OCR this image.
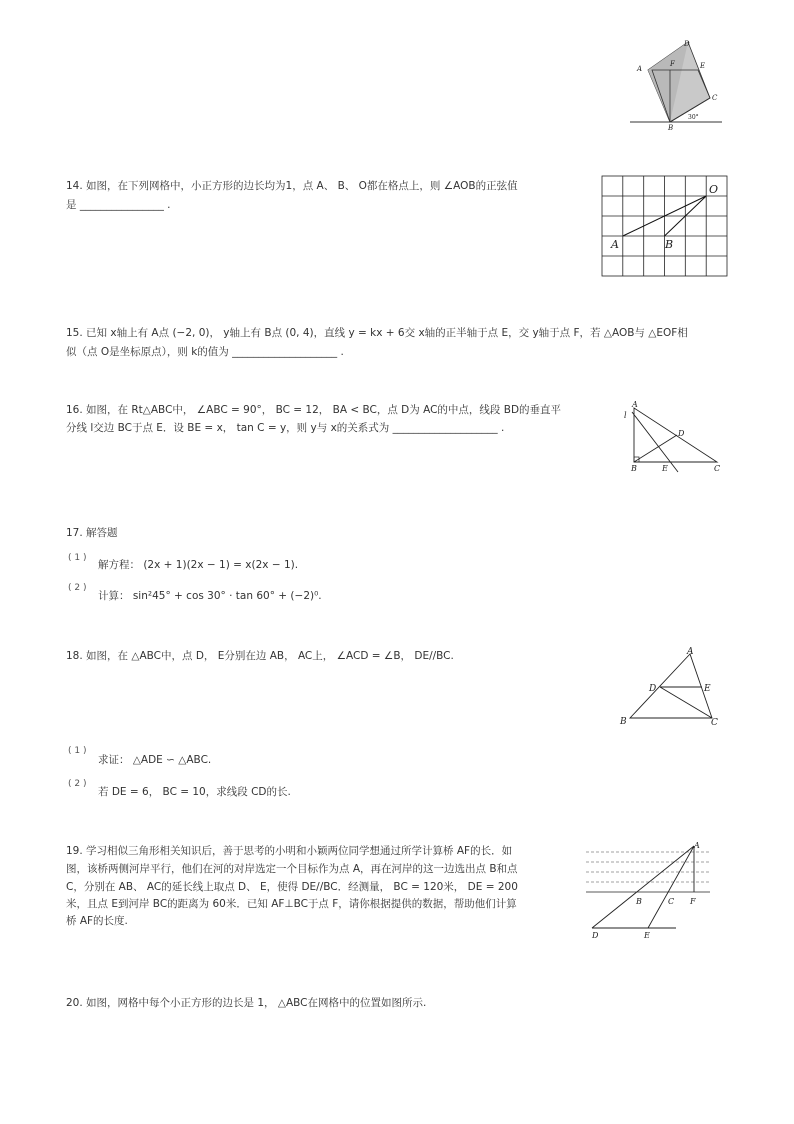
A
F
D
E
C
B
30°
14. 如图，在下列网格中，小正方形的边长均为1，点 A、 B、 O都在格点上，则 ∠AOB的正弦值
是 ________________ .
O
A	B
15. 已知 x轴上有 A点 (−2, 0)， y轴上有 B点 (0, 4)，直线 y = kx + 6交 x轴的正半轴于点 E，交 y轴于点 F，若 △AOB与 △EOF相
似（点 O是坐标原点），则 k的值为 ____________________ .
16. 如图，在 Rt△ABC中， ∠ABC = 90°， BC = 12， BA < BC，点 D为 AC的中点，线段 BD的垂直平
分线 l交边 BC于点 E．设 BE = x， tan C = y，则 y与 x的关系式为 ____________________ .
A
l
D
B	E	C
17. 解答题
( 1 )
解方程： (2x + 1)(2x − 1) = x(2x − 1).
( 2 )
计算： sin²45° + cos 30° · tan 60° + (−2)⁰.
18. 如图，在 △ABC中，点 D， E分别在边 AB， AC上， ∠ACD = ∠B， DE//BC.	A
D	E
B	C
( 1 )
求证： △ADE ∽ △ABC.
( 2 )
若 DE = 6， BC = 10，求线段 CD的长.
19. 学习相似三角形相关知识后，善于思考的小明和小颖两位同学想通过所学计算桥 AF的长．如
图，该桥两侧河岸平行，他们在河的对岸选定一个目标作为点 A，再在河岸的这一边选出点 B和点
C，分别在 AB、 AC的延长线上取点 D、 E，使得 DE//BC．经测量， BC = 120米， DE = 200
米，且点 E到河岸 BC的距离为 60米．已知 AF⊥BC于点 F，请你根据提供的数据，帮助他们计算
桥 AF的长度.
A
B	C F
D	E
20. 如图，网格中每个小正方形的边长是 1， △ABC在网格中的位置如图所示.
